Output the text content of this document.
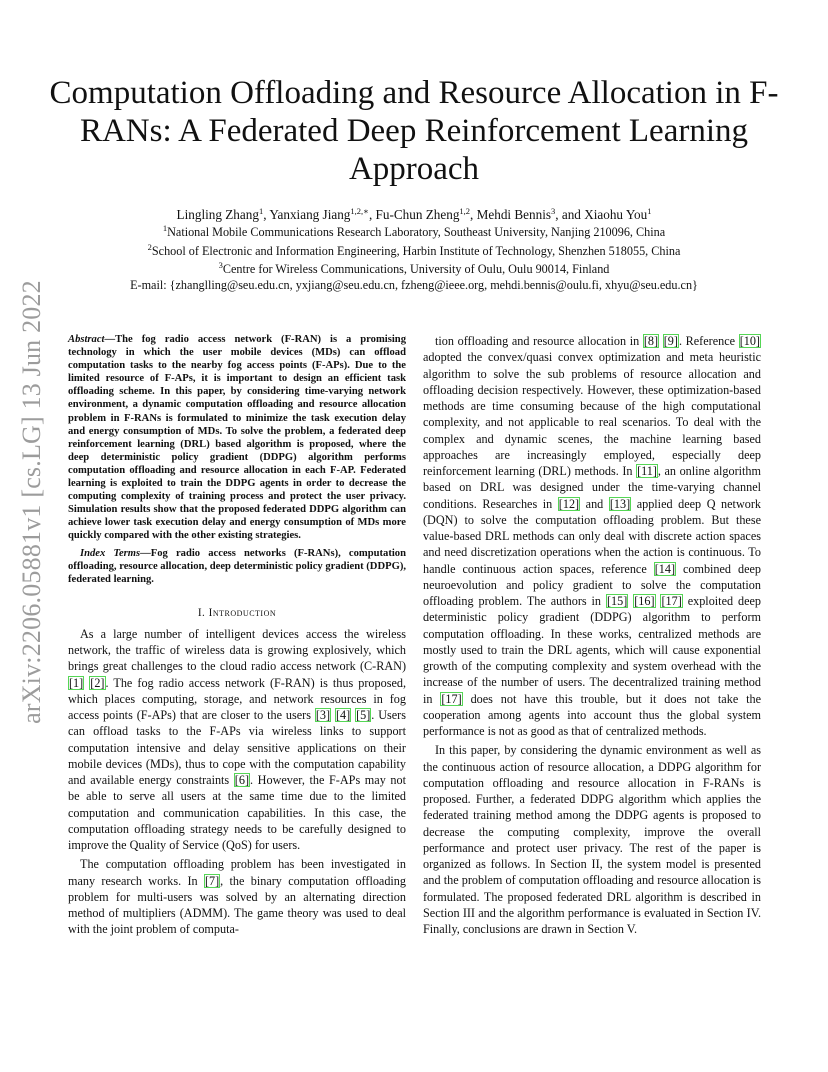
arXiv:2206.05881v1 [cs.LG] 13 Jun 2022
Computation Offloading and Resource Allocation in F-RANs: A Federated Deep Reinforcement Learning Approach
Lingling Zhang$^1$, Yanxiang Jiang$^{1,2,∗}$, Fu-Chun Zheng$^{1,2}$, Mehdi Bennis$^3$, and Xiaohu You$^1$
$^1$National Mobile Communications Research Laboratory, Southeast University, Nanjing 210096, China
$^2$School of Electronic and Information Engineering, Harbin Institute of Technology, Shenzhen 518055, China
$^3$Centre for Wireless Communications, University of Oulu, Oulu 90014, Finland
E-mail: {zhanglling@seu.edu.cn, yxjiang@seu.edu.cn, fzheng@ieee.org, mehdi.bennis@oulu.fi, xhyu@seu.edu.cn}

Abstract—The fog radio access network (F-RAN) is a promising technology in which the user mobile devices (MDs) can offload computation tasks to the nearby fog access points (F-APs). Due to the limited resource of F-APs, it is important to design an efficient task offloading scheme. In this paper, by considering time-varying network environment, a dynamic computation offloading and resource allocation problem in F-RANs is formulated to minimize the task execution delay and energy consumption of MDs. To solve the problem, a federated deep reinforcement learning (DRL) based algorithm is proposed, where the deep deterministic policy gradient (DDPG) algorithm performs computation offloading and resource allocation in each F-AP. Federated learning is exploited to train the DDPG agents in order to decrease the computing complexity of training process and protect the user privacy. Simulation results show that the proposed federated DDPG algorithm can achieve lower task execution delay and energy consumption of MDs more quickly compared with the other existing strategies.

Index Terms—Fog radio access networks (F-RANs), computation offloading, resource allocation, deep deterministic policy gradient (DDPG), federated learning.

I. Introduction

As a large number of intelligent devices access the wireless network, the traffic of wireless data is growing explosively, which brings great challenges to the cloud radio access network (C-RAN) [1] [2]. The fog radio access network (F-RAN) is thus proposed, which places computing, storage, and network resources in fog access points (F-APs) that are closer to the users [3] [4] [5]. Users can offload tasks to the F-APs via wireless links to support computation intensive and delay sensitive applications on their mobile devices (MDs), thus to cope with the computation capability and available energy constraints [6]. However, the F-APs may not be able to serve all users at the same time due to the limited computation and communication capabilities. In this case, the computation offloading strategy needs to be carefully designed to improve the Quality of Service (QoS) for users.

The computation offloading problem has been investigated in many research works. In [7], the binary computation offloading problem for multi-users was solved by an alternating direction method of multipliers (ADMM). The game theory was used to deal with the joint problem of computa-

tion offloading and resource allocation in [8] [9]. Reference [10] adopted the convex/quasi convex optimization and meta heuristic algorithm to solve the sub problems of resource allocation and offloading decision respectively. However, these optimization-based methods are time consuming because of the high computational complexity, and not applicable to real scenarios. To deal with the complex and dynamic scenes, the machine learning based approaches are increasingly employed, especially deep reinforcement learning (DRL) methods. In [11], an online algorithm based on DRL was designed under the time-varying channel conditions. Researches in [12] and [13] applied deep Q network (DQN) to solve the computation offloading problem. But these value-based DRL methods can only deal with discrete action spaces and need discretization operations when the action is continuous. To handle continuous action spaces, reference [14] combined deep neuroevolution and policy gradient to solve the computation offloading problem. The authors in [15] [16] [17] exploited deep deterministic policy gradient (DDPG) algorithm to perform computation offloading. In these works, centralized methods are mostly used to train the DRL agents, which will cause exponential growth of the computing complexity and system overhead with the increase of the number of users. The decentralized training method in [17] does not have this trouble, but it does not take the cooperation among agents into account thus the global system performance is not as good as that of centralized methods.

In this paper, by considering the dynamic environment as well as the continuous action of resource allocation, a DDPG algorithm for computation offloading and resource allocation in F-RANs is proposed. Further, a federated DDPG algorithm which applies the federated training method among the DDPG agents is proposed to decrease the computing complexity, improve the overall performance and protect user privacy. The rest of the paper is organized as follows. In Section II, the system model is presented and the problem of computation offloading and resource allocation is formulated. The proposed federated DRL algorithm is described in Section III and the algorithm performance is evaluated in Section IV. Finally, conclusions are drawn in Section V.
